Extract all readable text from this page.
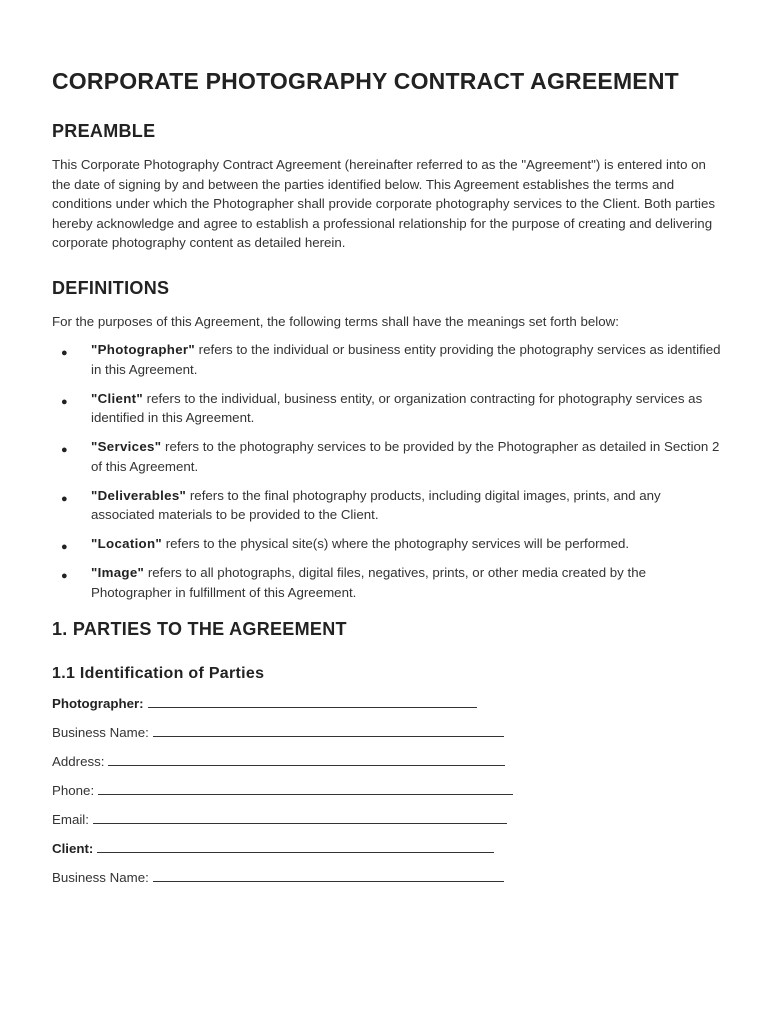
CORPORATE PHOTOGRAPHY CONTRACT AGREEMENT
PREAMBLE

This Corporate Photography Contract Agreement (hereinafter referred to as the "Agreement") is entered into on the date of signing by and between the parties identified below. This Agreement establishes the terms and conditions under which the Photographer shall provide corporate photography services to the Client. Both parties hereby acknowledge and agree to establish a professional relationship for the purpose of creating and delivering corporate photography content as detailed herein.

DEFINITIONS

For the purposes of this Agreement, the following terms shall have the meanings set forth below:

● "Photographer" refers to the individual or business entity providing the photography services as identified in this Agreement.
● "Client" refers to the individual, business entity, or organization contracting for photography services as identified in this Agreement.
● "Services" refers to the photography services to be provided by the Photographer as detailed in Section 2 of this Agreement.
● "Deliverables" refers to the final photography products, including digital images, prints, and any associated materials to be provided to the Client.
● "Location" refers to the physical site(s) where the photography services will be performed.
● "Image" refers to all photographs, digital files, negatives, prints, or other media created by the Photographer in fulfillment of this Agreement.
1. PARTIES TO THE AGREEMENT
1.1 Identification of Parties
Photographer:
Business Name:
Address:
Phone:
Email:
Client:
Business Name:
